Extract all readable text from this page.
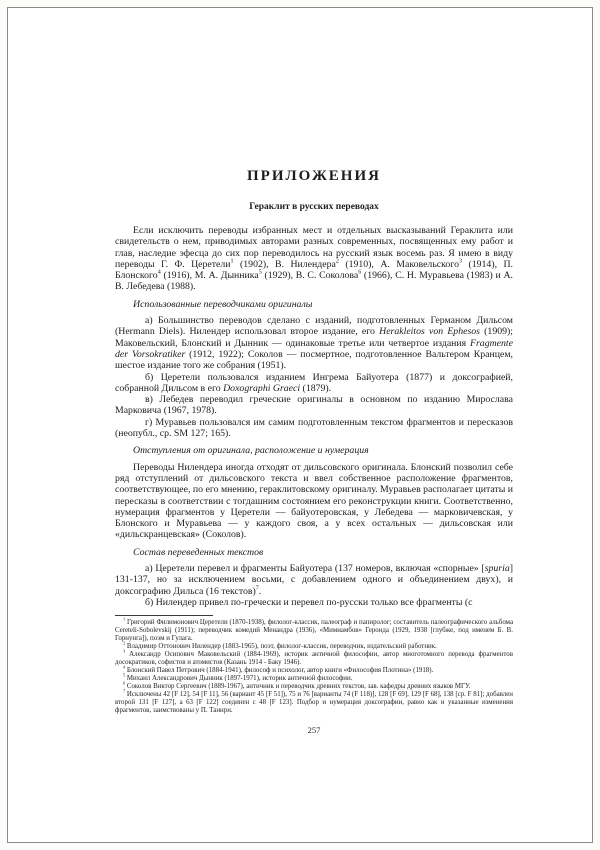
ПРИЛОЖЕНИЯ
Гераклит в русских переводах

Если исключить переводы избранных мест и отдельных высказываний Гераклита или свидетельств о нем, приводимых авторами разных современных, посвященных ему работ и глав, наследие эфесца до сих пор переводилось на русский язык восемь раз. Я имею в виду переводы Г. Ф. Церетели$^1$ (1902), В. Нилендера$^2$ (1910), А. Маковельского$^3$ (1914), П. Блонского$^4$ (1916), М. А. Дынника$^5$ (1929), В. С. Соколова$^6$ (1966), С. Н. Муравьева (1983) и А. В. Лебедева (1988).

Использованные переводчиками оригиналы

а) Большинство переводов сделано с изданий, подготовленных Германом Дильсом (Hermann Diels). Нилендер использовал второе издание, его Herakleitos von Ephesos (1909); Маковельский, Блонский и Дынник — одинаковые третье или четвертое издания Fragmente der Vorsokratiker (1912, 1922); Соколов — посмертное, подготовленное Вальтером Кранцем, шестое издание того же собрания (1951).

б) Церетели пользовался изданием Ингрема Байуотера (1877) и доксографией, собранной Дильсом в его Doxographi Graeci (1879).

в) Лебедев переводил греческие оригиналы в основном по изданию Мирослава Марковича (1967, 1978).

г) Муравьев пользовался им самим подготовленным текстом фрагментов и пересказов (неопубл., ср. SM 127; 165).

Отступления от оригинала, расположение и нумерация

Переводы Нилендера иногда отходят от дильсовского оригинала. Блонский позволил себе ряд отступлений от дильсовского текста и ввел собственное расположение фрагментов, соответствующее, по его мнению, гераклитовскому оригиналу. Муравьев располагает цитаты и пересказы в соответствии с тогдашним состоянием его реконструкции книги. Соответственно, нумерация фрагментов у Церетели — байуотеровская, у Лебедева — марковичевская, у Блонского и Муравьева — у каждого своя, а у всех остальных — дильсовская или «дильскранцевская» (Соколов).

Состав переведенных текстов

а) Церетели перевел и фрагменты Байуотера (137 номеров, включая «спорные» [spuria] 131-137, но за исключением восьми, с добавлением одного и объединением двух), и доксографию Дильса (16 текстов)$^7$.

б) Нилендер привел по-гречески и перевел по-русски только все фрагменты (с

$^1$ Григорий Филимонович Церетели (1870-1938), филолог-классик, палеограф и папиролог; составитель палеографического альбома Cereteli-Sobolevskij (1911); переводчик комедий Менандра (1936), «Мимиамбов» Геронда (1929, 1938 [глубже, под именем Б. В. Горнунга]), поэм и Гулага.

$^2$ Владимир Оттонович Нилендер (1883-1965), поэт, филолог-классик, переводчик, издательский работник.

$^3$ Александр Осипович Маковельский (1884-1969), историк античной философии, автор многотомного перевода фрагментов досократиков, софистов и атомистов (Казань 1914 - Баку 1946).

$^4$ Блонский Павел Петрович (1884-1941), философ и психолог, автор книги «Философия Плотина» (1918).

$^5$ Михаил Александрович Дынник (1897-1971), историк античной философии.

$^6$ Соколов Виктор Сергеевич (1889-1967), античник и переводчик древних текстов, зав. кафедры древних языков МГУ.

$^7$ Исключены 42 [F 12], 54 [F 11], 56 (вариант 45 [F 51]), 75 и 76 [варианты 74 (F 118)], 128 [F 69], 129 [F 68], 138 [ср. F 81]; добавлен второй 131 [F 127], а 63 [F 122] соединен с 48 [F 123]. Подбор и нумерация доксографии, равно как и указанные изменения фрагментов, заимствованы у П. Таннри.

257
